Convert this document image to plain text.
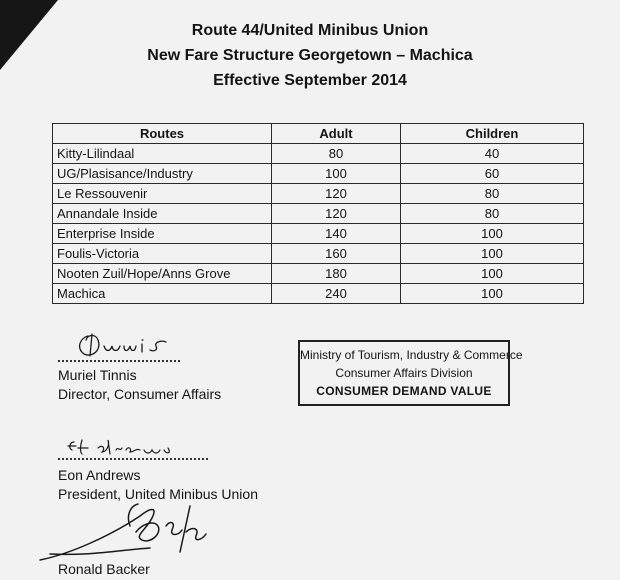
Route 44/United Minibus Union
New Fare Structure Georgetown – Machica
Effective September 2014
Routes	Adult	Children
Kitty-Lilindaal	80	40
UG/Plasisance/Industry	100	60
Le Ressouvenir	120	80
Annandale Inside	120	80
Enterprise Inside	140	100
Foulis-Victoria	160	100
Nooten Zuil/Hope/Anns Grove	180	100
Machica	240	100
Muriel Tinnis
Director, Consumer Affairs
Ministry of Tourism, Industry & Commerce
Consumer Affairs Division
CONSUMER DEMAND VALUE
Eon Andrews
President, United Minibus Union
Ronald Backer
